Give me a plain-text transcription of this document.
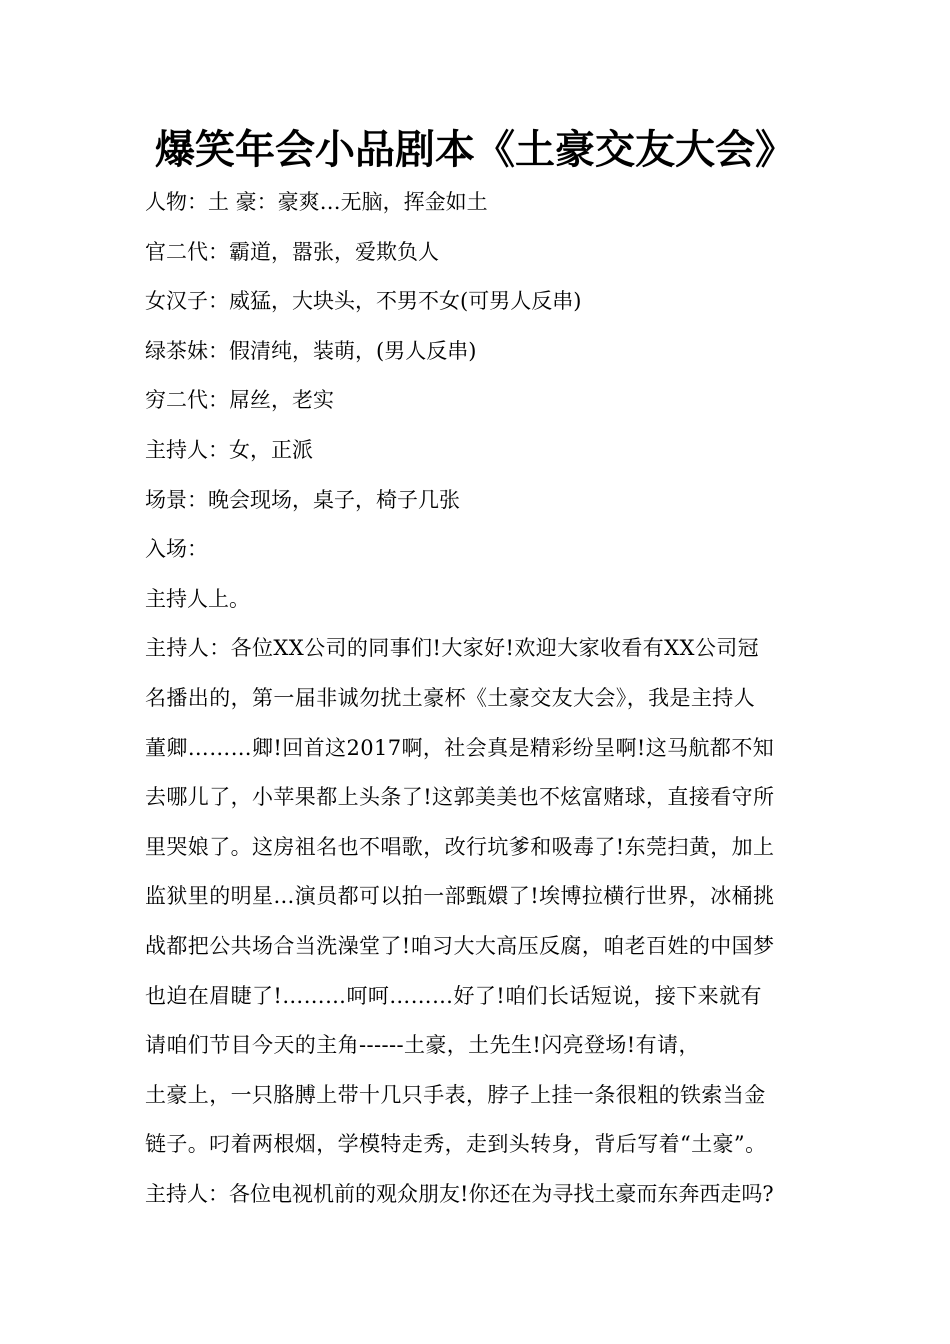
爆笑年会小品剧本《土豪交友大会》
人物：土 豪：豪爽…无脑，挥金如土
官二代：霸道，嚣张，爱欺负人
女汉子：威猛，大块头，不男不女(可男人反串)
绿茶妹：假清纯，装萌，(男人反串)
穷二代：屌丝，老实
主持人：女，正派
场景：晚会现场，桌子，椅子几张
入场：
主持人上。
主持人：各位XX公司的同事们!大家好!欢迎大家收看有XX公司冠
名播出的，第一届非诚勿扰土豪杯《土豪交友大会》，我是主持人
董卿………卿!回首这2017啊，社会真是精彩纷呈啊!这马航都不知
去哪儿了，小苹果都上头条了!这郭美美也不炫富赌球，直接看守所
里哭娘了。这房祖名也不唱歌，改行坑爹和吸毒了!东莞扫黄，加上
监狱里的明星…演员都可以拍一部甄嬛了!埃博拉横行世界，冰桶挑
战都把公共场合当洗澡堂了!咱习大大高压反腐，咱老百姓的中国梦
也迫在眉睫了!………呵呵………好了!咱们长话短说，接下来就有
请咱们节目今天的主角------土豪，土先生!闪亮登场!有请，
土豪上，一只胳膊上带十几只手表，脖子上挂一条很粗的铁索当金
链子。叼着两根烟，学模特走秀，走到头转身，背后写着“土豪”。
主持人：各位电视机前的观众朋友!你还在为寻找土豪而东奔西走吗?
